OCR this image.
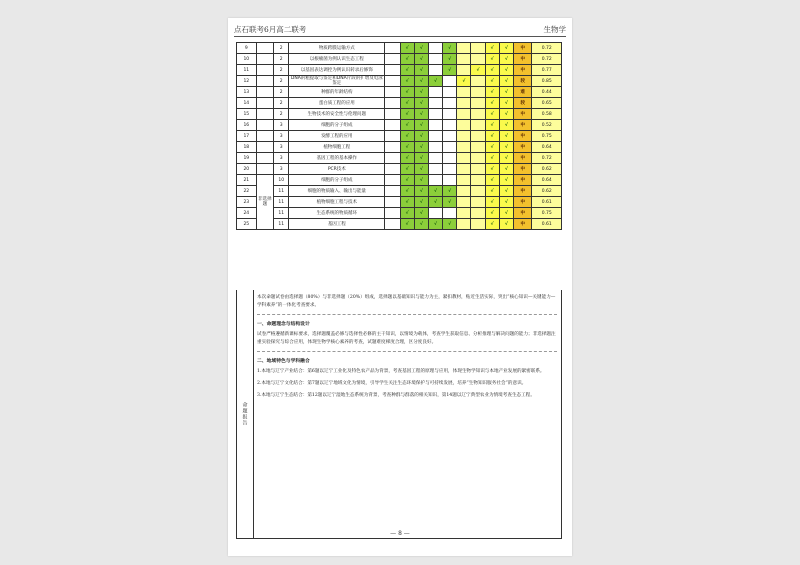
点石联考6月高二联考	生物学
9		2	物质跨膜运输方式		√	√		√			√	√	中	0.72
10		2	以根瘤菌为例认识生态工程		√	√		√			√	√	中	0.72
11		2	以基因表达调控为例认识转录后修饰		√	√		√		√	√	√	中	0.77
12		2	DNA的粗提取与鉴定和DNA片段的扩增及电泳鉴定		√	√	√		√		√	√	较	0.85
13		2	种群的年龄结构		√	√					√	√	难	0.44
14		2	蛋白质工程的应用		√	√					√	√	较	0.65
15		2	生物技术的安全性与伦理问题		√	√					√	√	中	0.58
16		3	细胞的分子组成		√	√					√	√	中	0.52
17		3	发酵工程的应用		√	√					√	√	中	0.75
18		3	植物细胞工程		√	√					√	√	中	0.64
19		3	基因工程的基本操作		√	√					√	√	中	0.72
20		3	PCR技术		√	√					√	√	中	0.62
21	非选择题	10	细胞的分子组成		√	√					√	√	中	0.64
22		11	细胞的物质输入、输出与能量		√	√	√	√			√	√	中	0.62
23		11	植物细胞工程与技术		√	√	√	√			√	√	中	0.61
24		11	生态系统的物质循环		√	√					√	√	中	0.75
25		11	基因工程		√	√	√	√			√	√	中	0.61
命题报告

本次命题试卷由选择题（80%）与非选择题（20%）组成，选择题以基础知识与能力为主，紧扣教材，贴近生活实际，突出“核心知识—关键能力—学科素养”的一体化考查要求。

一、命题理念与结构设计

试卷严格遵循新课标要求，选择题覆盖必修与选择性必修的主干知识，以情境为载体，考查学生获取信息、分析推理与解决问题的能力；非选择题注重实验探究与综合应用，体现生物学核心素养的考查，试题难度梯度合理，区分度良好。

二、地域特色与学科融合

1.本地与辽宁产业结合：第6题以辽宁工业化及特色农产品为背景，考查基因工程的原理与应用，体现生物学知识与本地产业发展的紧密联系。

2.本地与辽宁文化结合：第7题以辽宁地域文化为情境，引导学生关注生态环境保护与可持续发展，培养“生物知识服务社会”的意识。

3.本地与辽宁生态结合：第12题以辽宁湿地生态系统为背景，考查种群与群落的相关知识，第14题以辽宁典型农业为情境考查生态工程。

— 8 —
